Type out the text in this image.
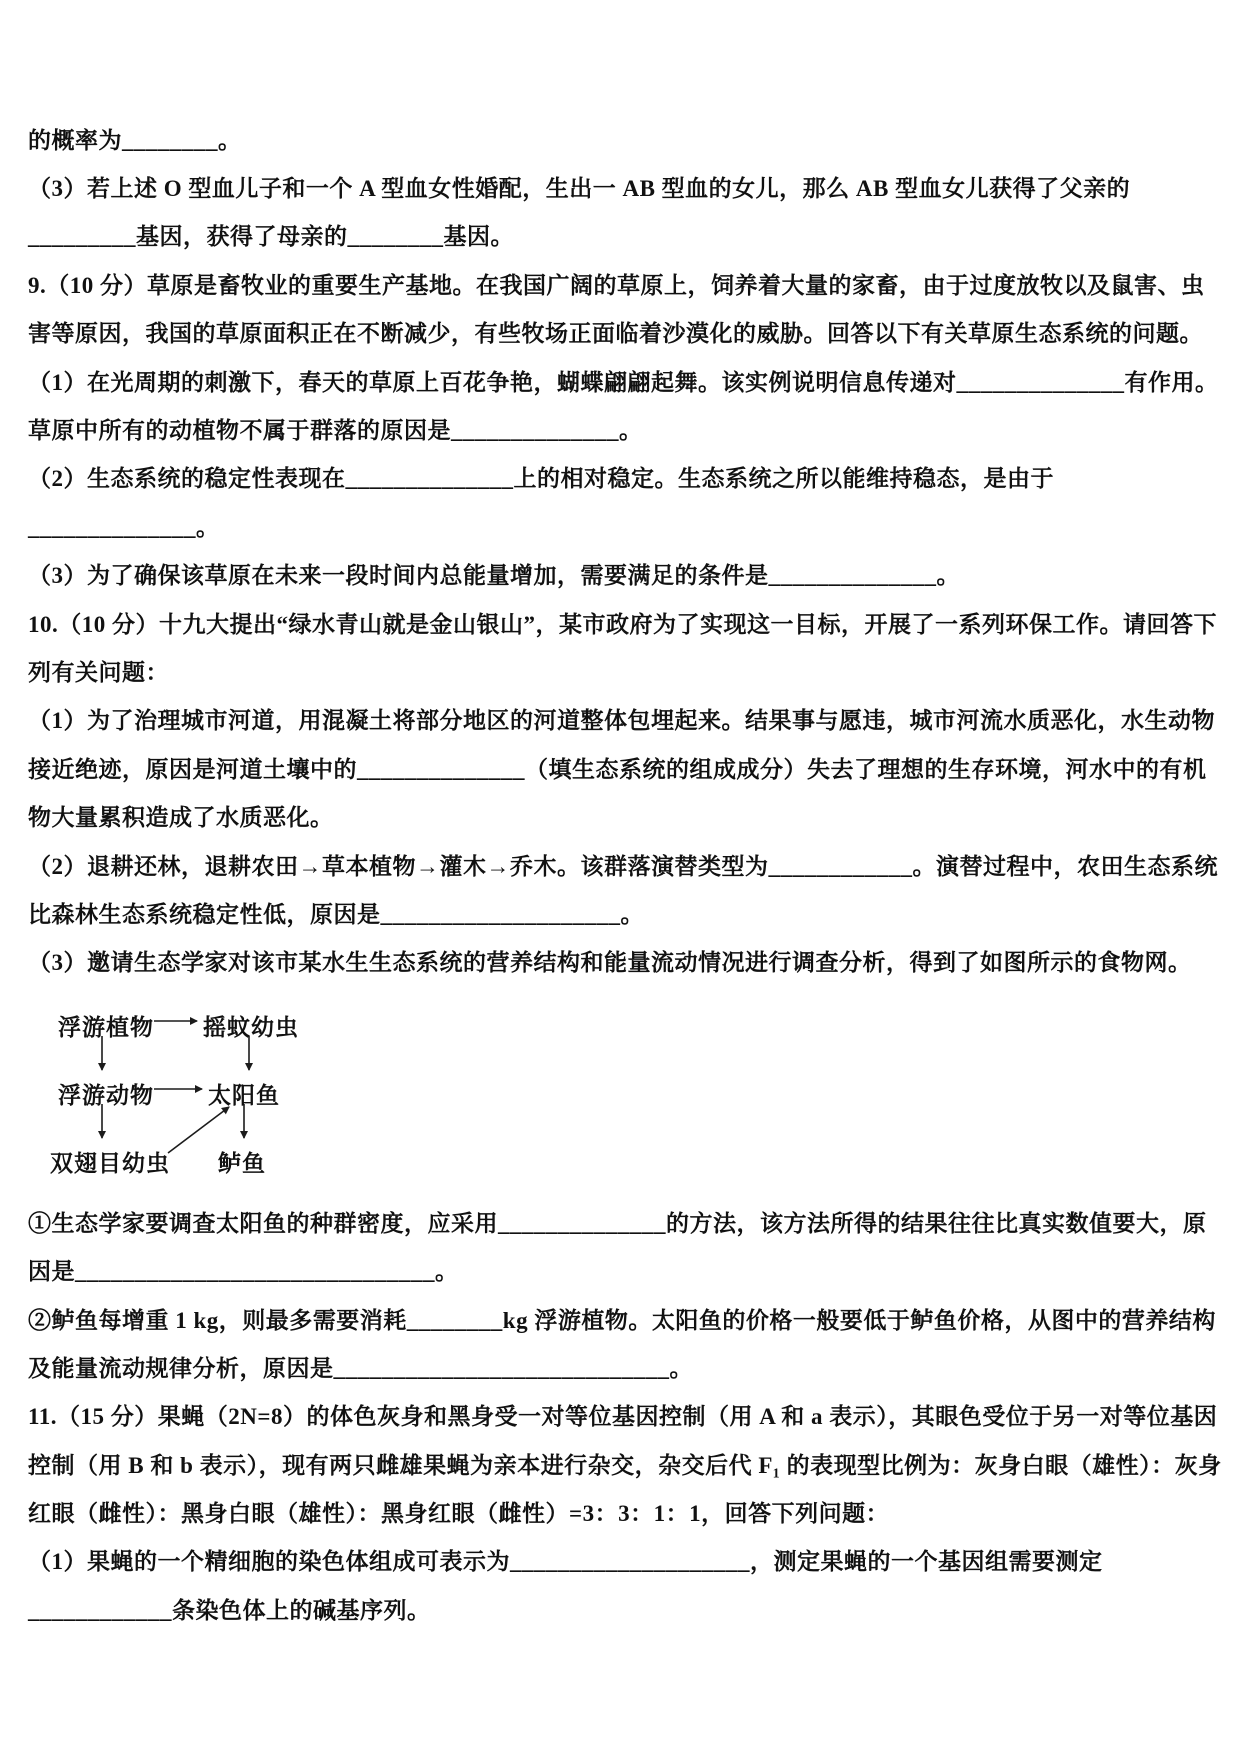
的概率为________。
（3）若上述 O 型血儿子和一个 A 型血女性婚配，生出一 AB 型血的女儿，那么 AB 型血女儿获得了父亲的
_________基因，获得了母亲的________基因。
9.（10 分）草原是畜牧业的重要生产基地。在我国广阔的草原上，饲养着大量的家畜，由于过度放牧以及鼠害、虫
害等原因，我国的草原面积正在不断减少，有些牧场正面临着沙漠化的威胁。回答以下有关草原生态系统的问题。
（1）在光周期的刺激下，春天的草原上百花争艳，蝴蝶翩翩起舞。该实例说明信息传递对______________有作用。
草原中所有的动植物不属于群落的原因是______________。
（2）生态系统的稳定性表现在______________上的相对稳定。生态系统之所以能维持稳态，是由于
______________。
（3）为了确保该草原在未来一段时间内总能量增加，需要满足的条件是______________。
10.（10 分）十九大提出“绿水青山就是金山银山”，某市政府为了实现这一目标，开展了一系列环保工作。请回答下
列有关问题：
（1）为了治理城市河道，用混凝土将部分地区的河道整体包埋起来。结果事与愿违，城市河流水质恶化，水生动物
接近绝迹，原因是河道土壤中的______________（填生态系统的组成成分）失去了理想的生存环境，河水中的有机
物大量累积造成了水质恶化。
（2）退耕还林，退耕农田→草本植物→灌木→乔木。该群落演替类型为____________。演替过程中，农田生态系统
比森林生态系统稳定性低，原因是____________________。
（3）邀请生态学家对该市某水生生态系统的营养结构和能量流动情况进行调查分析，得到了如图所示的食物网。
浮游植物 摇蚊幼虫
浮游动物 太阳鱼
双翅目幼虫 鲈鱼
①生态学家要调查太阳鱼的种群密度，应采用______________的方法，该方法所得的结果往往比真实数值要大，原
因是______________________________。
②鲈鱼每增重 1 kg，则最多需要消耗________kg 浮游植物。太阳鱼的价格一般要低于鲈鱼价格，从图中的营养结构
及能量流动规律分析，原因是____________________________。
11.（15 分）果蝇（2N=8）的体色灰身和黑身受一对等位基因控制（用 A 和 a 表示），其眼色受位于另一对等位基因
控制（用 B 和 b 表示），现有两只雌雄果蝇为亲本进行杂交，杂交后代 F₁ 的表现型比例为：灰身白眼（雄性）：灰身
红眼（雌性）：黑身白眼（雄性）：黑身红眼（雌性）=3：3：1：1，回答下列问题：
（1）果蝇的一个精细胞的染色体组成可表示为____________________，测定果蝇的一个基因组需要测定
____________条染色体上的碱基序列。
